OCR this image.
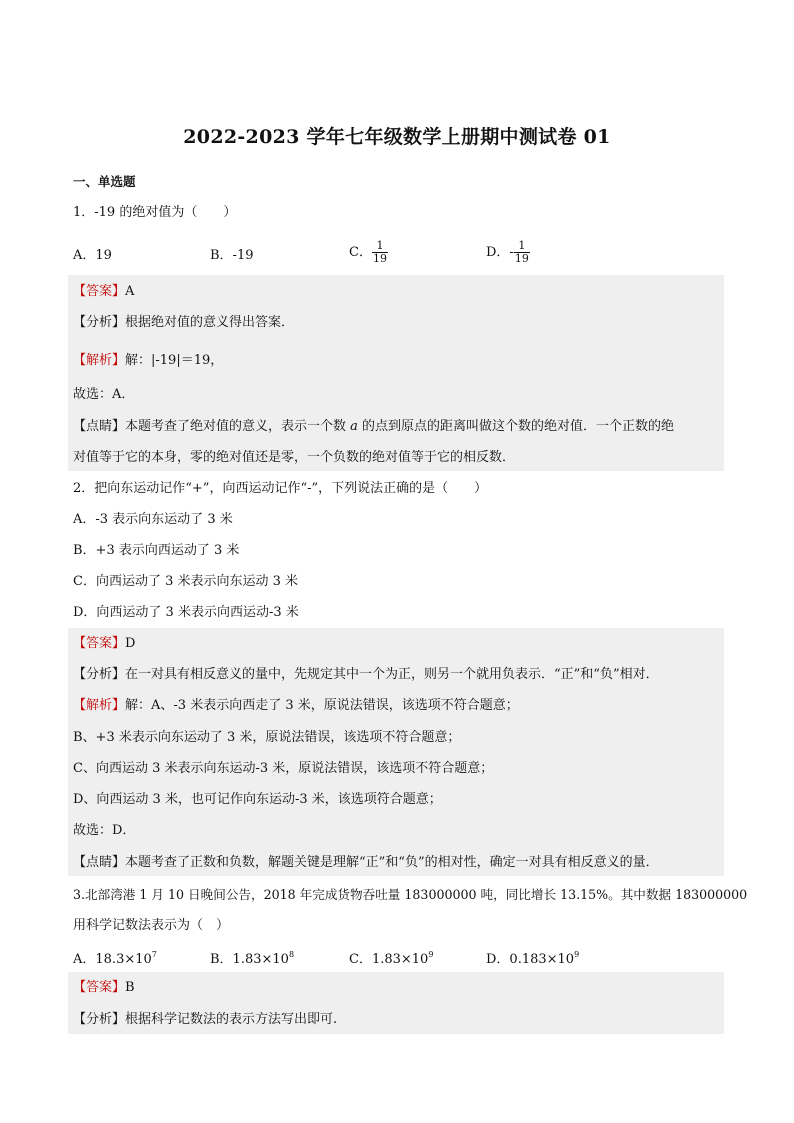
2022-2023 学年七年级数学上册期中测试卷 01
一、单选题
1．-19 的绝对值为（　　）
A．19	B．-19	C． $\frac{1}{19}$	D．- $\frac{1}{19}$
【答案】A
【分析】根据绝对值的意义得出答案．
【解析】解：|-19|＝19，
故选：A．
【点睛】本题考查了绝对值的意义，表示一个数 a 的点到原点的距离叫做这个数的绝对值．一个正数的绝
对值等于它的本身，零的绝对值还是零，一个负数的绝对值等于它的相反数．
2．把向东运动记作“+”，向西运动记作“-”，下列说法正确的是（　　）
A．-3 表示向东运动了 3 米
B．+3 表示向西运动了 3 米
C．向西运动了 3 米表示向东运动 3 米
D．向西运动了 3 米表示向西运动-3 米
【答案】D
【分析】在一对具有相反意义的量中，先规定其中一个为正，则另一个就用负表示．“正”和“负”相对．
【解析】解：A、-3 米表示向西走了 3 米，原说法错误，该选项不符合题意；
B、+3 米表示向东运动了 3 米，原说法错误，该选项不符合题意；
C、向西运动 3 米表示向东运动-3 米，原说法错误，该选项不符合题意；
D、向西运动 3 米，也可记作向东运动-3 米，该选项符合题意；
故选：D．
【点睛】本题考查了正数和负数，解题关键是理解“正”和“负”的相对性，确定一对具有相反意义的量．
3.北部湾港 1 月 10 日晚间公告，2018 年完成货物吞吐量 183000000 吨，同比增长 13.15%。其中数据 183000000
用科学记数法表示为（　）
A．$18.3\times 10^7$	B．$1.83\times 10^8$	C．$1.83\times 10^9$	D．$0.183\times 10^9$
【答案】B
【分析】根据科学记数法的表示方法写出即可.
